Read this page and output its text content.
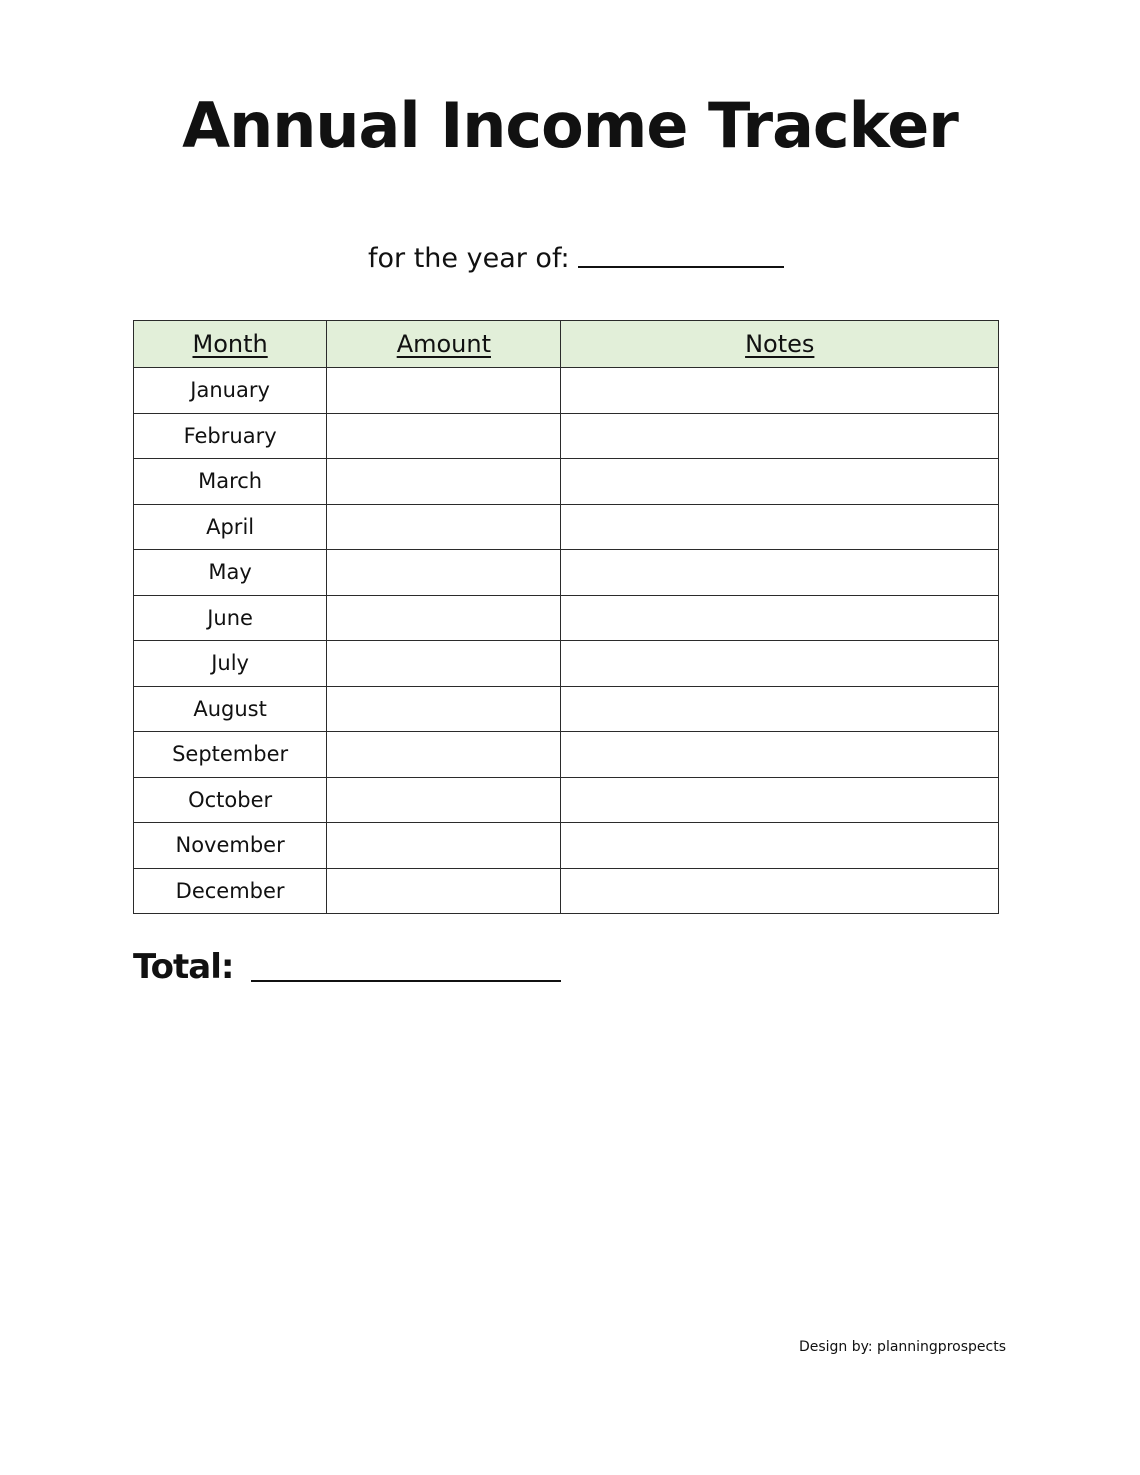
Annual Income Tracker
for the year of:
Month	Amount	Notes
January		
February		
March		
April		
May		
June		
July		
August		
September		
October		
November		
December		
Total:
Design by: planningprospects
